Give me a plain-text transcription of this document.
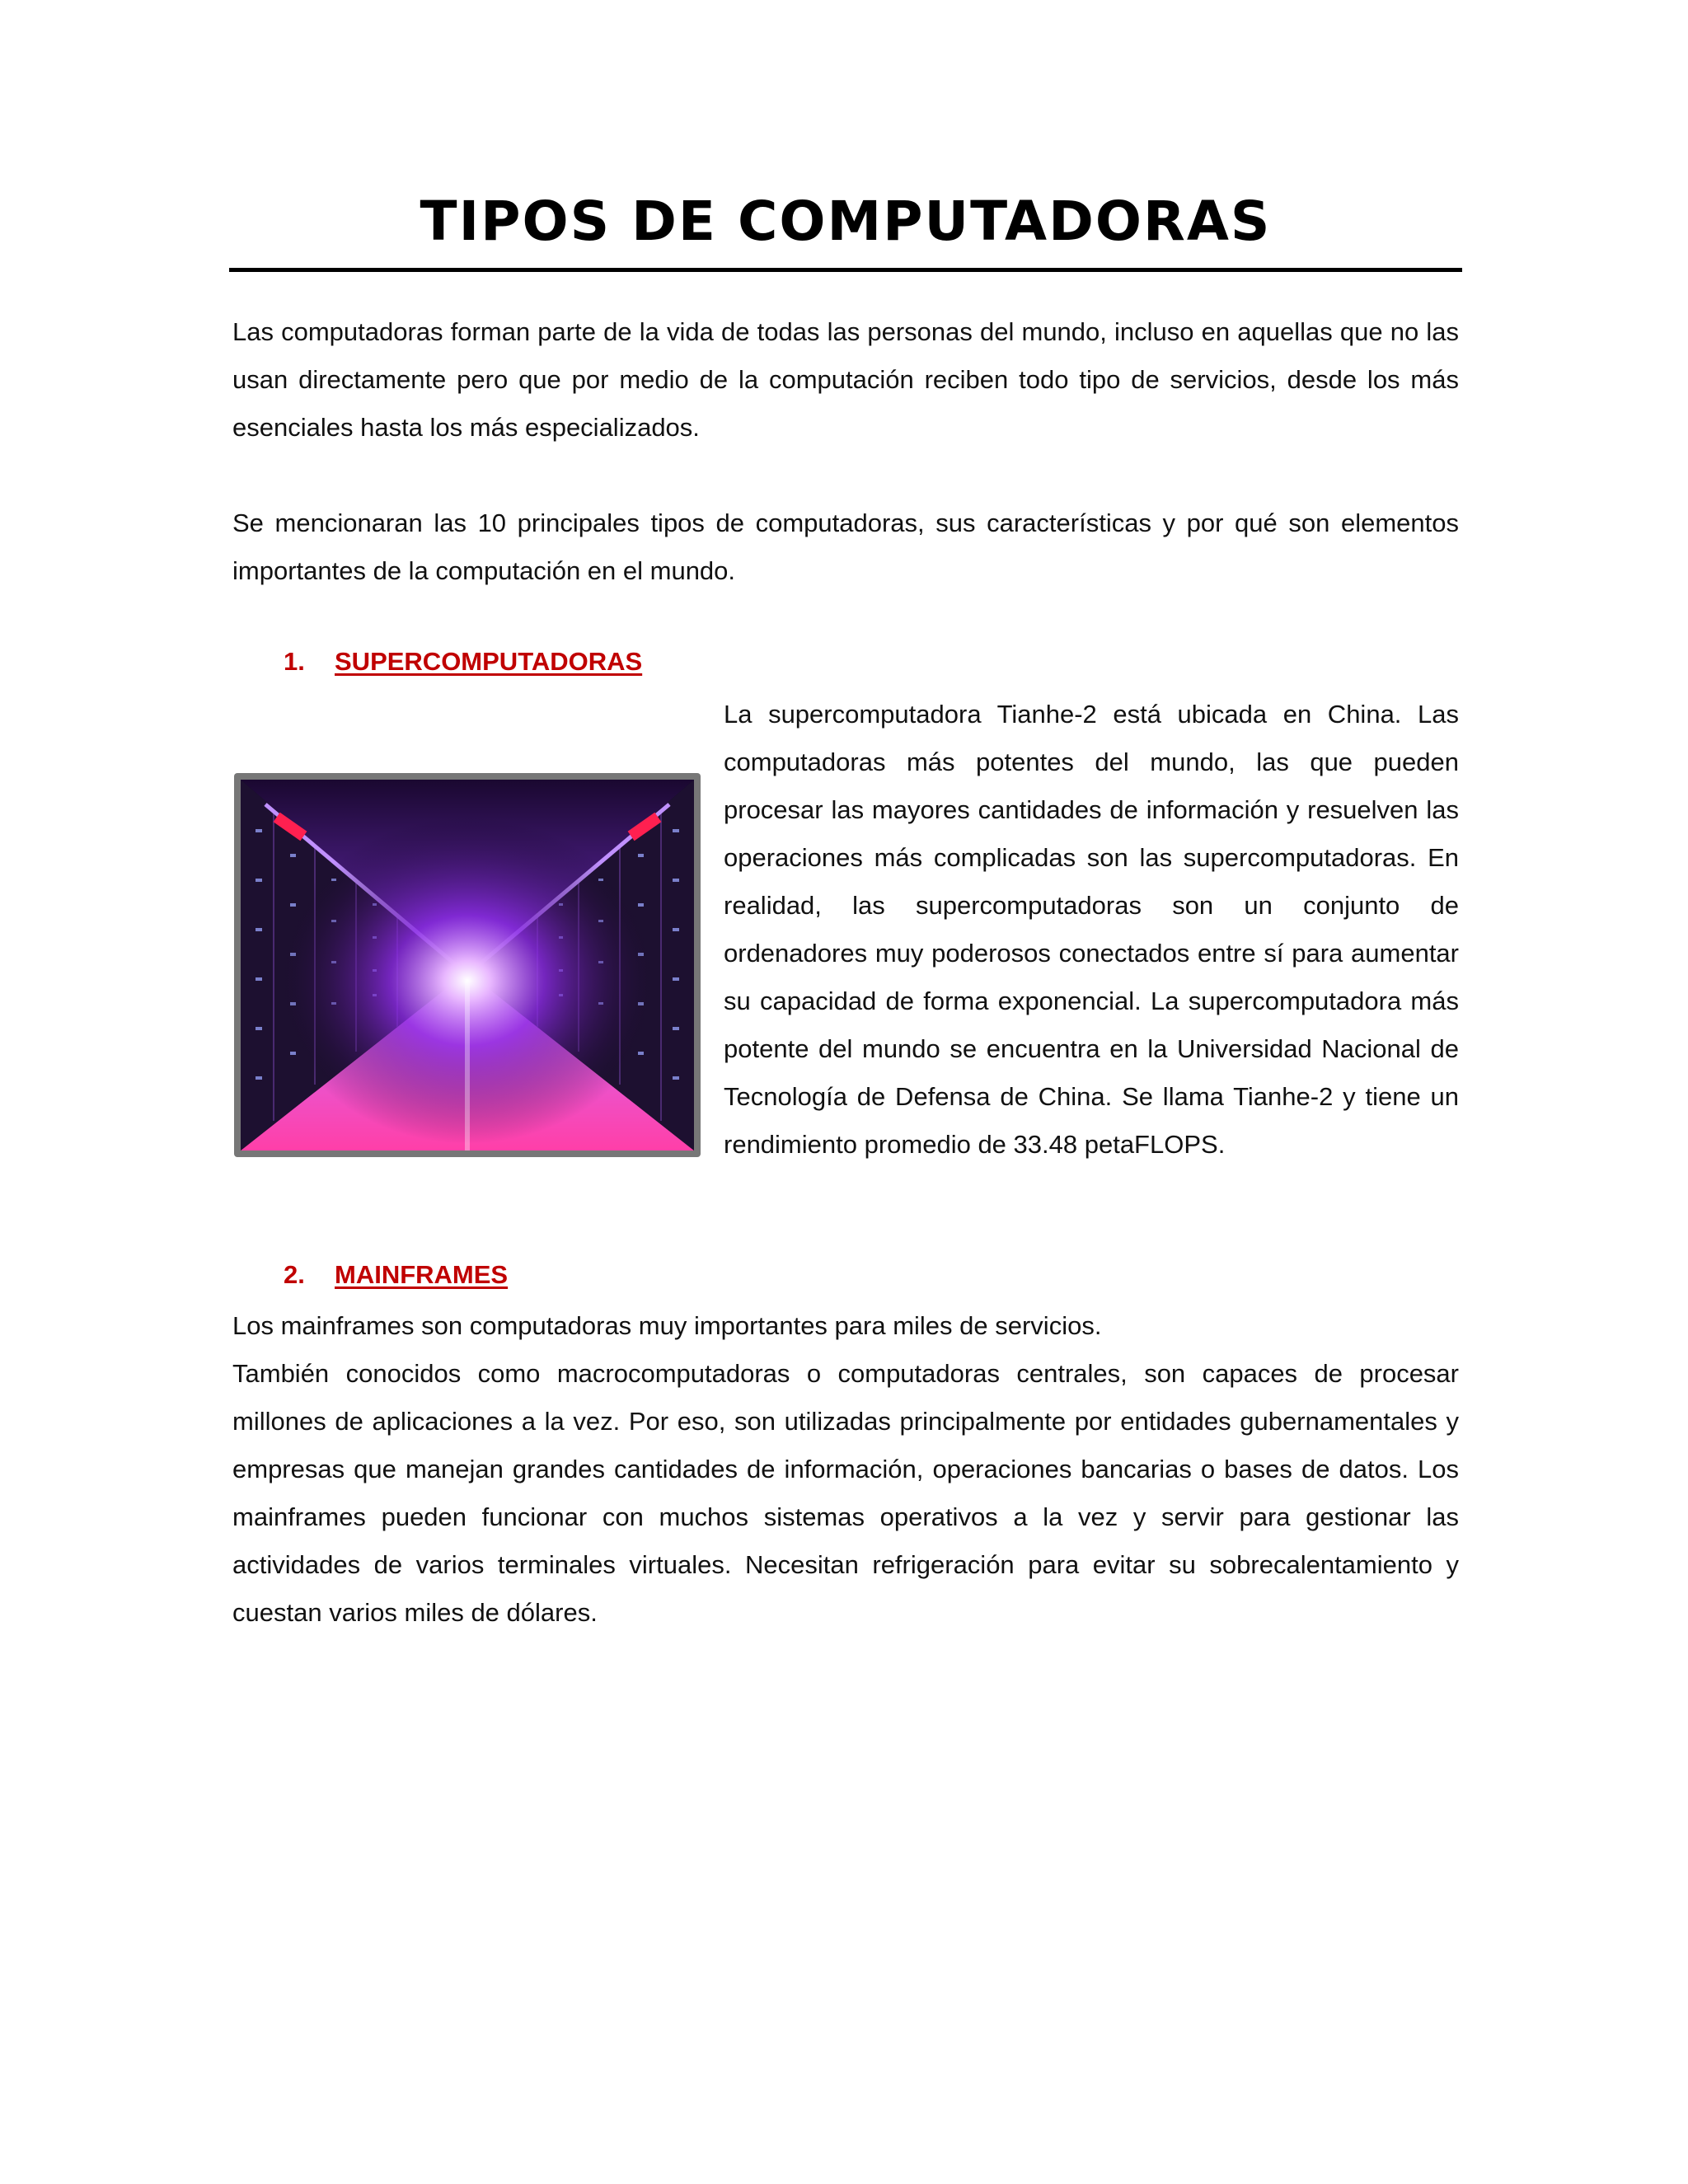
TIPOS DE COMPUTADORAS

Las computadoras forman parte de la vida de todas las personas del mundo, incluso en aquellas que no las usan directamente pero que por medio de la computación reciben todo tipo de servicios, desde los más esenciales hasta los más especializados.

Se mencionaran las 10 principales tipos de computadoras, sus características y por qué son elementos importantes de la computación en el mundo.

1.	SUPERCOMPUTADORAS
La supercomputadora Tianhe-2 está ubicada en China. Las computadoras más potentes del mundo, las que pueden procesar las mayores cantidades de información y resuelven las operaciones más complicadas son las supercomputadoras. En realidad, las supercomputadoras son un conjunto de ordenadores muy poderosos conectados entre sí para aumentar su capacidad de forma exponencial. La supercomputadora más potente del mundo se encuentra en la Universidad Nacional de Tecnología de Defensa de China. Se llama Tianhe-2 y tiene un rendimiento promedio de 33.48 petaFLOPS.
2.	MAINFRAMES

Los mainframes son computadoras muy importantes para miles de servicios.

También conocidos como macrocomputadoras o computadoras centrales, son capaces de procesar millones de aplicaciones a la vez. Por eso, son utilizadas principalmente por entidades gubernamentales y empresas que manejan grandes cantidades de información, operaciones bancarias o bases de datos. Los mainframes pueden funcionar con muchos sistemas operativos a la vez y servir para gestionar las actividades de varios terminales virtuales. Necesitan refrigeración para evitar su sobrecalentamiento y cuestan varios miles de dólares.
